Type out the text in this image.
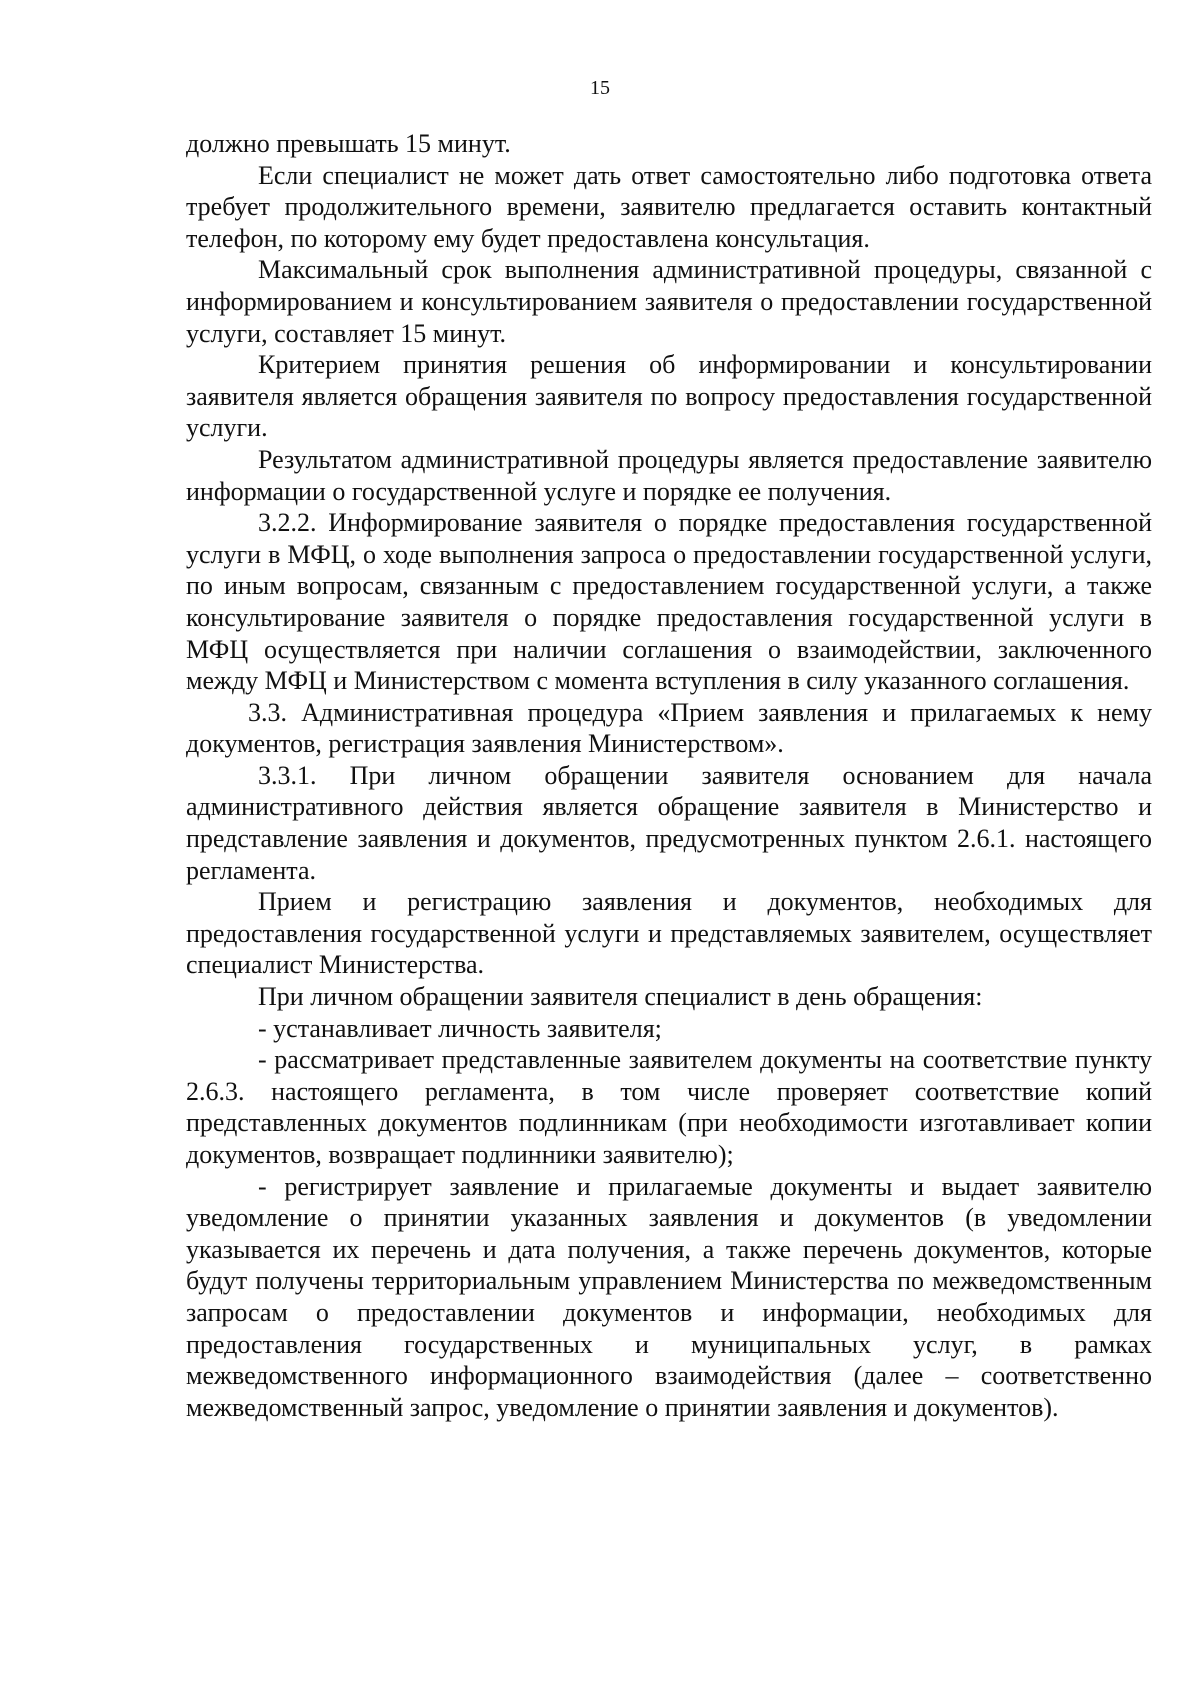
15

должно превышать 15 минут.

Если специалист не может дать ответ самостоятельно либо подготовка ответа требует продолжительного времени, заявителю предлагается оставить контактный телефон, по которому ему будет предоставлена консультация.

Максимальный срок выполнения административной процедуры, связанной с информированием и консультированием заявителя о предоставлении государственной услуги, составляет 15 минут.

Критерием принятия решения об информировании и консультировании заявителя является обращения заявителя по вопросу предоставления государственной услуги.

Результатом административной процедуры является предоставление заявителю информации о государственной услуге и порядке ее получения.

3.2.2. Информирование заявителя о порядке предоставления государственной услуги в МФЦ, о ходе выполнения запроса о предоставлении государственной услуги, по иным вопросам, связанным с предоставлением государственной услуги, а также консультирование заявителя о порядке предоставления государственной услуги в МФЦ осуществляется при наличии соглашения о взаимодействии, заключенного между МФЦ и Министерством с момента вступления в силу указанного соглашения.

3.3. Административная процедура «Прием заявления и прилагаемых к нему документов, регистрация заявления Министерством».

3.3.1. При личном обращении заявителя основанием для начала административного действия является обращение заявителя в Министерство и представление заявления и документов, предусмотренных пунктом 2.6.1. настоящего регламента.

Прием и регистрацию заявления и документов, необходимых для предоставления государственной услуги и представляемых заявителем, осуществляет специалист Министерства.

При личном обращении заявителя специалист в день обращения:

- устанавливает личность заявителя;

- рассматривает представленные заявителем документы на соответствие пункту 2.6.3. настоящего регламента, в том числе проверяет соответствие копий представленных документов подлинникам (при необходимости изготавливает копии документов, возвращает подлинники заявителю);

- регистрирует заявление и прилагаемые документы и выдает заявителю уведомление о принятии указанных заявления и документов (в уведомлении указывается их перечень и дата получения, а также перечень документов, которые будут получены территориальным управлением Министерства по межведомственным запросам о предоставлении документов и информации, необходимых для предоставления государственных и муниципальных услуг, в рамках межведомственного информационного взаимодействия (далее – соответственно межведомственный запрос, уведомление о принятии заявления и документов).
